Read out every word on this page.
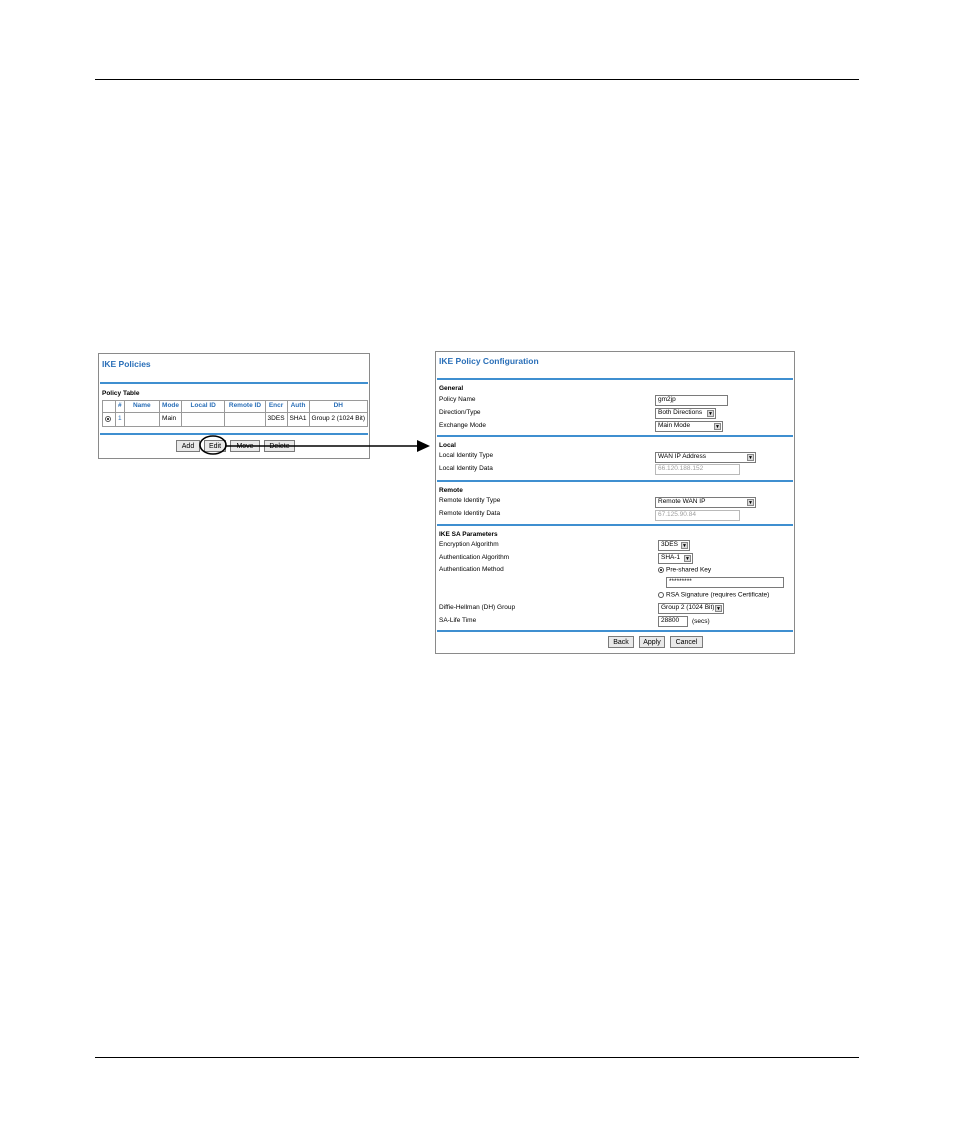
IKE Policies
Policy Table
	#	Name	Mode	Local ID	Remote ID	Encr	Auth	DH
	1		Main			3DES	SHA1	Group 2 (1024 Bit)
Add	Edit	Move	Delete
IKE Policy Configuration
General
Policy Name	gm2jp
Direction/Type	Both Directions ▼
Exchange Mode	Main Mode	▼
Local
Local Identity Type	WAN IP Address	▼
Local Identity Data	66.120.188.152
Remote
Remote Identity Type	Remote WAN IP	▼
Remote Identity Data	67.125.90.84
IKE SA Parameters
Encryption Algorithm	3DES ▼
Authentication Algorithm	SHA-1 ▼
Authentication Method	Pre-shared Key
*********
RSA Signature (requires Certificate)
Diffie-Hellman (DH) Group	Group 2 (1024 Bit) ▼
SA-Life Time	28800	(secs)
Back	Apply	Cancel
